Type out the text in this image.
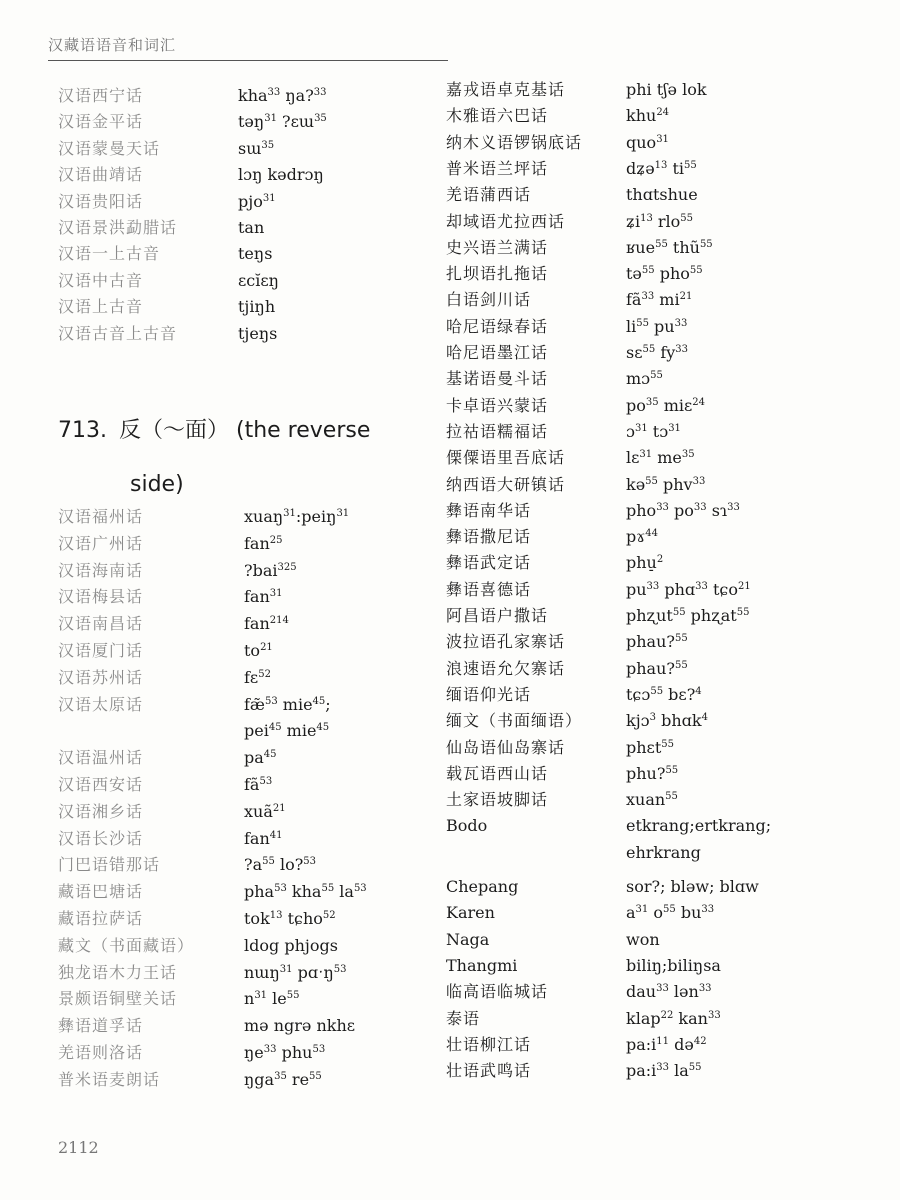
汉藏语语音和词汇
713. 反（～面） (the reverse
side)
汉语西宁话	kha$^{33}$ ŋa?$^{33}$
汉语金平话	təŋ$^{31}$ ?ɛɯ$^{35}$
汉语蒙曼天话	sɯ$^{35}$
汉语曲靖话	lɔŋ kədrɔŋ
汉语贵阳话	pjo$^{31}$
汉语景洪勐腊话	tan
汉语一上古音	teŋs
汉语中古音	ɛcĭɛŋ
汉语上古音	tjiŋh
汉语古音上古音	tjeŋs
汉语福州话	xuaŋ$^{31}$:peiŋ$^{31}$
汉语广州话	fan$^{25}$
汉语海南话	?bai$^{325}$
汉语梅县话	fan$^{31}$
汉语南昌话	fan$^{214}$
汉语厦门话	$to^{21}$
汉语苏州话	fɛ$^{52}$
汉语太原话	fæ̃$^{53}$ mie$^{45}$;
pei$^{45}$ mie$^{45}$
汉语温州话	$pa^{45}$
汉语西安话	$fã^{53}$
汉语湘乡话	xuã$^{21}$
汉语长沙话	fan$^{41}$
门巴语错那话	$?a^{55}$ lo?$^{53}$
藏语巴塘话	pha$^{53}$ kha$^{55}$ $la^{53}$
藏语拉萨话	tok$^{13}$ tɕho$^{52}$
藏文（书面藏语）	ldog phjogs
独龙语木力王话	nɯŋ$^{31}$ pɑˑŋ$^{53}$
景颇语铜壁关话	$n^{31}$ $le^{55}$
彝语道孚话	mə ngrə nkhɛ
羌语则洛话	$ŋe^{33}$ phu$^{53}$
普米语麦朗话	ŋga$^{35}$ $re^{55}$
嘉戎语卓克基话	phi tʃə lok
木雅语六巴话	khu$^{24}$
纳木义语锣锅底话	quo$^{31}$
普米语兰坪话	dʑə$^{13}$ $ti^{55}$
羌语蒲西话	thɑtshue
却域语尤拉西话	ʑi$^{13}$ rlo$^{55}$
史兴语兰满话	ʁue$^{55}$ thũ$^{55}$
扎坝语扎拖话	tə$^{55}$ pho$^{55}$
白语剑川话	$fã^{33}$ $mi^{21}$
哈尼语绿春话	$li^{55}$ $pu^{33}$
哈尼语墨江话	sɛ$^{55}$ $fy^{33}$
基诺语曼斗话	mɔ$^{55}$
卡卓语兴蒙话	$po^{35}$ miɛ$^{24}$
拉祜语糯福话	ɔ$^{31}$ tɔ$^{31}$
傈僳语里吾底话	lɛ$^{31}$ $me^{35}$
纳西语大研镇话	kə$^{55}$ phv$^{33}$
彝语南华话	pho$^{33}$ $po^{33}$ sɿ$^{33}$
彝语撒尼话	pɤ$^{44}$
彝语武定话	phu̠$^2$
彝语喜德话	$pu^{33}$ phɑ$^{33}$ tɕo$^{21}$
阿昌语户撒话	phʐut$^{55}$ phʐat$^{55}$
波拉语孔家寨话	phau?$^{55}$
浪速语允欠寨话	phau?$^{55}$
缅语仰光话	tɕɔ$^{55}$ bɛ?$^4$
缅文（书面缅语）	kjɔ$^3$ bhɑk$^4$
仙岛语仙岛寨话	phɛt$^{55}$
载瓦语西山话	phu?$^{55}$
土家语坡脚话	xuan$^{55}$
Bodo	etkrang;ertkrang;
ehrkrang
Chepang	sor?; blǝw; blɑw
Karen	$a^{31}$ $o^{55}$ $bu^{33}$
Naga	won
Thangmi	biliŋ;biliŋsa
临高语临城话	dau$^{33}$ lən$^{33}$
泰语	klap$^{22}$ kan$^{33}$
壮语柳江话	$pa:i^{11}$ də$^{42}$
壮语武鸣话	$pa:i^{33}$ $la^{55}$
2112
